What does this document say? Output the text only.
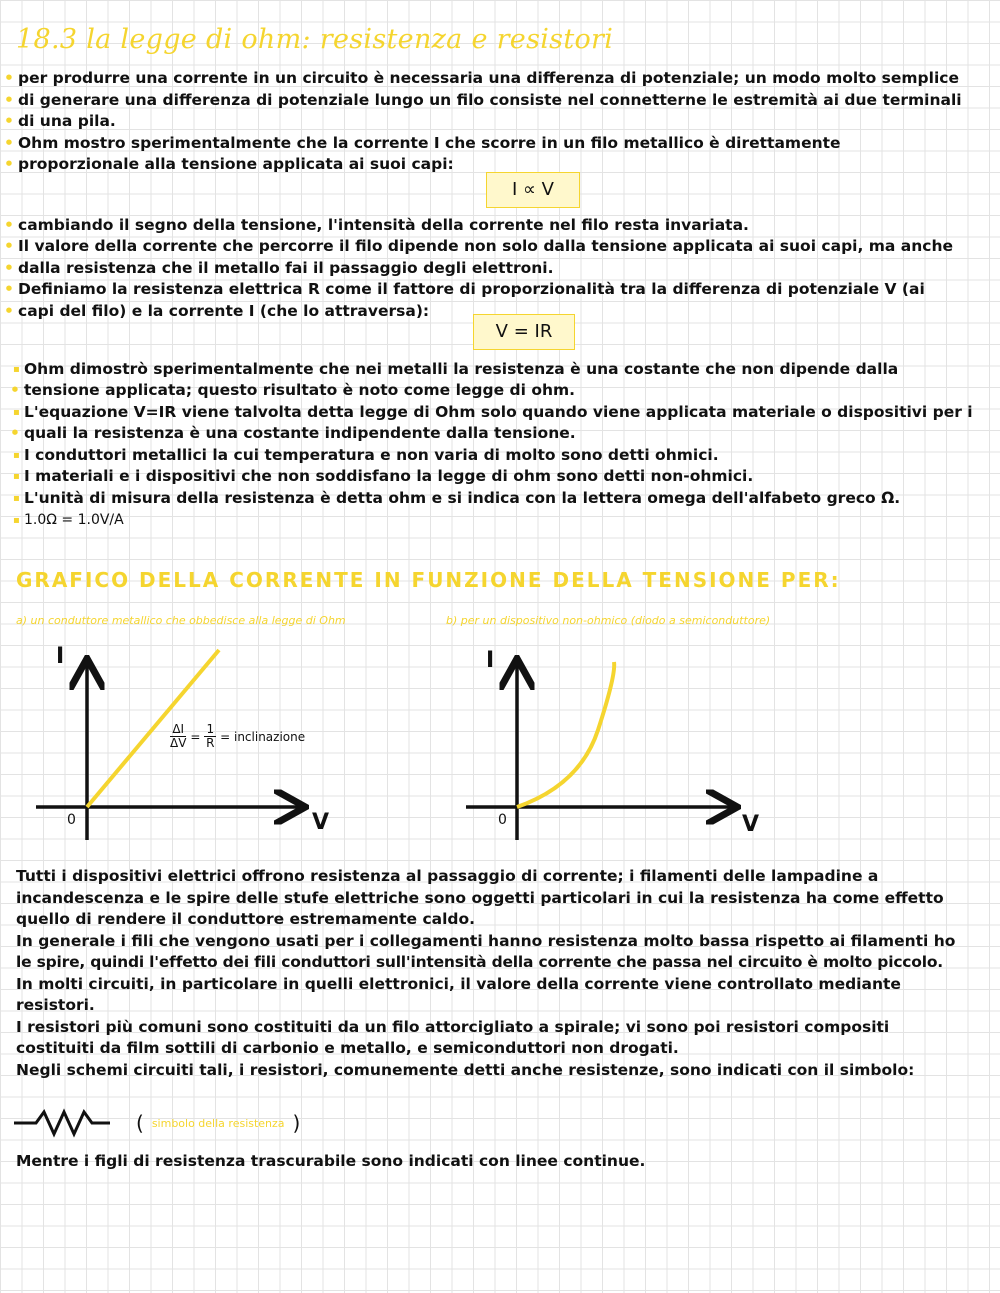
18.3 la legge di ohm: resistenza e resistori
• per produrre una corrente in un circuito è necessaria una differenza di potenziale; un modo molto semplice
• di generare una differenza di potenziale lungo un filo consiste nel connetterne le estremità ai due terminali
• di una pila.
• Ohm mostro sperimentalmente che la corrente I che scorre in un filo metallico è direttamente
• proporzionale alla tensione applicata ai suoi capi:
I ∝ V
• cambiando il segno della tensione, l'intensità della corrente nel filo resta invariata.
• Il valore della corrente che percorre il filo dipende non solo dalla tensione applicata ai suoi capi, ma anche
• dalla resistenza che il metallo fai il passaggio degli elettroni.
• Definiamo la resistenza elettrica R come il fattore di proporzionalità tra la differenza di potenziale V (ai
• capi del filo) e la corrente I (che lo attraversa):
V = IR
▪ Ohm dimostrò sperimentalmente che nei metalli la resistenza è una costante che non dipende dalla
• tensione applicata; questo risultato è noto come legge di ohm.
▪ L'equazione V=IR viene talvolta detta legge di Ohm solo quando viene applicata materiale o dispositivi per i
• quali la resistenza è una costante indipendente dalla tensione.
▪ I conduttori metallici la cui temperatura e non varia di molto sono detti ohmici.
▪ I materiali e i dispositivi che non soddisfano la legge di ohm sono detti non-ohmici.
▪ L'unità di misura della resistenza è detta ohm e si indica con la lettera omega dell'alfabeto greco Ω.
▪ 1.0Ω = 1.0V/A
GRAFICO DELLA CORRENTE IN FUNZIONE DELLA TENSIONE PER:
a) un conduttore metallico che obbedisce alla legge di Ohm	b) per un dispositivo non-ohmico (diodo a semiconduttore)
I
V
0
I
V
0
$\frac{\Delta I}{\Delta V} = \frac{1}{R}$ = inclinazione
Tutti i dispositivi elettrici offrono resistenza al passaggio di corrente; i filamenti delle lampadine a
incandescenza e le spire delle stufe elettriche sono oggetti particolari in cui la resistenza ha come effetto
quello di rendere il conduttore estremamente caldo.
In generale i fili che vengono usati per i collegamenti hanno resistenza molto bassa rispetto ai filamenti ho
le spire, quindi l'effetto dei fili conduttori sull'intensità della corrente che passa nel circuito è molto piccolo.
In molti circuiti, in particolare in quelli elettronici, il valore della corrente viene controllato mediante
resistori.
I resistori più comuni sono costituiti da un filo attorcigliato a spirale; vi sono poi resistori compositi
costituiti da film sottili di carbonio e metallo, e semiconduttori non drogati.
Negli schemi circuiti tali, i resistori, comunemente detti anche resistenze, sono indicati con il simbolo:
( simbolo della resistenza )
Mentre i figli di resistenza trascurabile sono indicati con linee continue.
